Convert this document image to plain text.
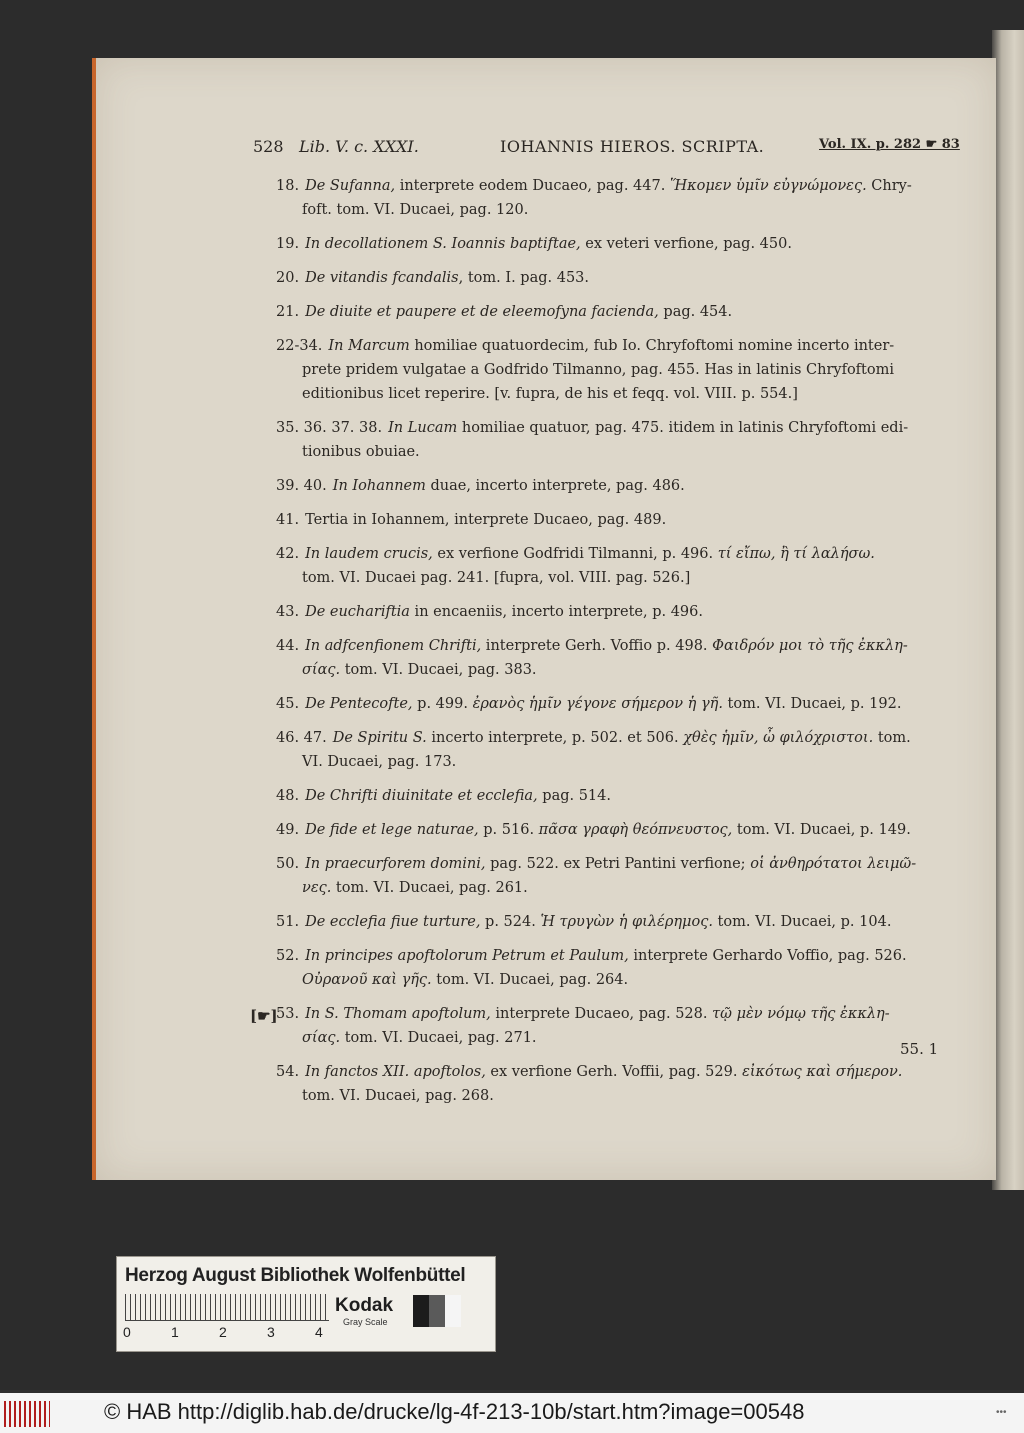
528 Lib. V. c. XXXI.	IOHANNIS HIEROS. SCRIPTA.	Vol. IX. p. 282 ☛ 83
18. De Sufanna, interprete eodem Ducaeo, pag. 447. Ἥκομεν ὑμῖν εὐγνώμονες. Chry-
foft. tom. VI. Ducaei, pag. 120.
19. In decollationem S. Ioannis baptiftae, ex veteri verfione, pag. 450.
20. De vitandis fcandalis, tom. I. pag. 453.
21. De diuite et paupere et de eleemofyna facienda, pag. 454.
22-34. In Marcum homiliae quatuordecim, fub Io. Chryfoftomi nomine incerto inter-
prete pridem vulgatae a Godfrido Tilmanno, pag. 455. Has in latinis Chryfoftomi
editionibus licet reperire. [v. fupra, de his et feqq. vol. VIII. p. 554.]
35. 36. 37. 38. In Lucam homiliae quatuor, pag. 475. itidem in latinis Chryfoftomi edi-
tionibus obuiae.
39. 40. In Iohannem duae, incerto interprete, pag. 486.
41. Tertia in Iohannem, interprete Ducaeo, pag. 489.
42. In laudem crucis, ex verfione Godfridi Tilmanni, p. 496. τί εἴπω, ἢ τί λαλήσω.
tom. VI. Ducaei pag. 241. [fupra, vol. VIII. pag. 526.]
43. De euchariftia in encaeniis, incerto interprete, p. 496.
44. In adfcenfionem Chrifti, interprete Gerh. Voffio p. 498. Φαιδρόν μοι τὸ τῆς ἐκκλη-
σίας. tom. VI. Ducaei, pag. 383.
45. De Pentecofte, p. 499. ἐρανὸς ἡμῖν γέγονε σήμερον ἡ γῆ. tom. VI. Ducaei, p. 192.
46. 47. De Spiritu S. incerto interprete, p. 502. et 506. χθὲς ἡμῖν, ὦ φιλόχριστοι. tom.
VI. Ducaei, pag. 173.
48. De Chrifti diuinitate et ecclefia, pag. 514.
49. De fide et lege naturae, p. 516. πᾶσα γραφὴ θεόπνευστος, tom. VI. Ducaei, p. 149.
50. In praecurforem domini, pag. 522. ex Petri Pantini verfione; οἱ ἀνθηρότατοι λειμῶ-
νες. tom. VI. Ducaei, pag. 261.
51. De ecclefia fiue turture, p. 524. Ἡ τρυγὼν ἡ φιλέρημος. tom. VI. Ducaei, p. 104.
52. In principes apoftolorum Petrum et Paulum, interprete Gerhardo Voffio, pag. 526.
Οὐρανοῦ καὶ γῆς. tom. VI. Ducaei, pag. 264.
[☛]
53. In S. Thomam apoftolum, interprete Ducaeo, pag. 528. τῷ μὲν νόμῳ τῆς ἐκκλη-
σίας. tom. VI. Ducaei, pag. 271.
54. In fanctos XII. apoftolos, ex verfione Gerh. Voffii, pag. 529. εἰκότως καὶ σήμερον.
tom. VI. Ducaei, pag. 268.
55. 1
Herzog August Bibliothek Wolfenbüttel
0	1	2	3	4
Kodak
Gray Scale
© HAB http://diglib.hab.de/drucke/lg-4f-213-10b/start.htm?image=00548	•••
